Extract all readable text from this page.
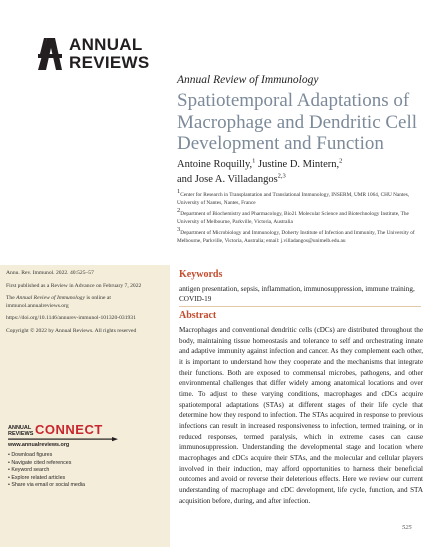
ANNUAL
REVIEWS
Annual Review of Immunology
Spatiotemporal Adaptations of Macrophage and Dendritic Cell Development and Function
Antoine Roquilly,$^1$ Justine D. Mintern,$^2$
and Jose A. Villadangos$^{2,3}$

$^1$Center for Research in Transplantation and Translational Immunology, INSERM, UMR 1064, CHU Nantes, University of Nantes, Nantes, France

$^2$Department of Biochemistry and Pharmacology, Bio21 Molecular Science and Biotechnology Institute, The University of Melbourne, Parkville, Victoria, Australia

$^3$Department of Microbiology and Immunology, Doherty Institute of Infection and Immunity, The University of Melbourne, Parkville, Victoria, Australia; email: j.villadangos@unimelb.edu.au

Annu. Rev. Immunol. 2022. 40:525–57

First published as a Review in Advance on February 7, 2022

The Annual Review of Immunology is online at immunol.annualreviews.org

https://doi.org/10.1146/annurev-immunol-101320-031931

Copyright © 2022 by Annual Reviews. All rights reserved

ANNUAL
REVIEWS CONNECT
www.annualreviews.org
• Download figures
• Navigate cited references
• Keyword search
• Explore related articles
• Share via email or social media
Keywords
antigen presentation, sepsis, inflammation, immunosuppression, immune training, COVID-19
Abstract
Macrophages and conventional dendritic cells (cDCs) are distributed throughout the body, maintaining tissue homeostasis and tolerance to self and orchestrating innate and adaptive immunity against infection and cancer. As they complement each other, it is important to understand how they cooperate and the mechanisms that integrate their functions. Both are exposed to commensal microbes, pathogens, and other environmental challenges that differ widely among anatomical locations and over time. To adjust to these varying conditions, macrophages and cDCs acquire spatiotemporal adaptations (STAs) at different stages of their life cycle that determine how they respond to infection. The STAs acquired in response to previous infections can result in increased responsiveness to infection, termed training, or in reduced responses, termed paralysis, which in extreme cases can cause immunosuppression. Understanding the developmental stage and location where macrophages and cDCs acquire their STAs, and the molecular and cellular players involved in their induction, may afford opportunities to harness their beneficial outcomes and avoid or reverse their deleterious effects. Here we review our current understanding of macrophage and cDC development, life cycle, function, and STA acquisition before, during, and after infection.
525
